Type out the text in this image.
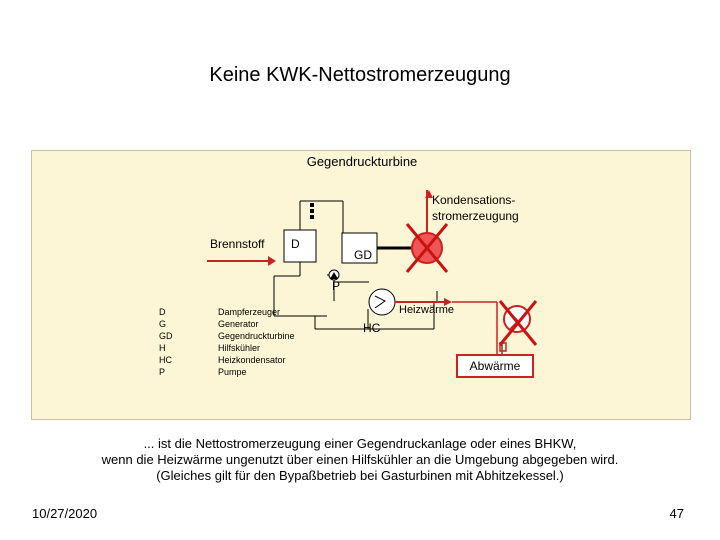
Keine KWK-Nettostromerzeugung
Gegendruckturbine
Brennstoff D
GD
P
HC
Heizwärme
Kondensations-
stromerzeugung
Abwärme
D
G
GD
H
HC
P
Dampferzeuger
Generator
Gegendruckturbine
Hilfskühler
Heizkondensator
Pumpe
... ist die Nettostromerzeugung einer Gegendruckanlage oder eines BHKW,
wenn die Heizwärme ungenutzt über einen Hilfskühler an die Umgebung abgegeben wird.
(Gleiches gilt für den Bypaßbetrieb bei Gasturbinen mit Abhitzekessel.)
10/27/2020	47
